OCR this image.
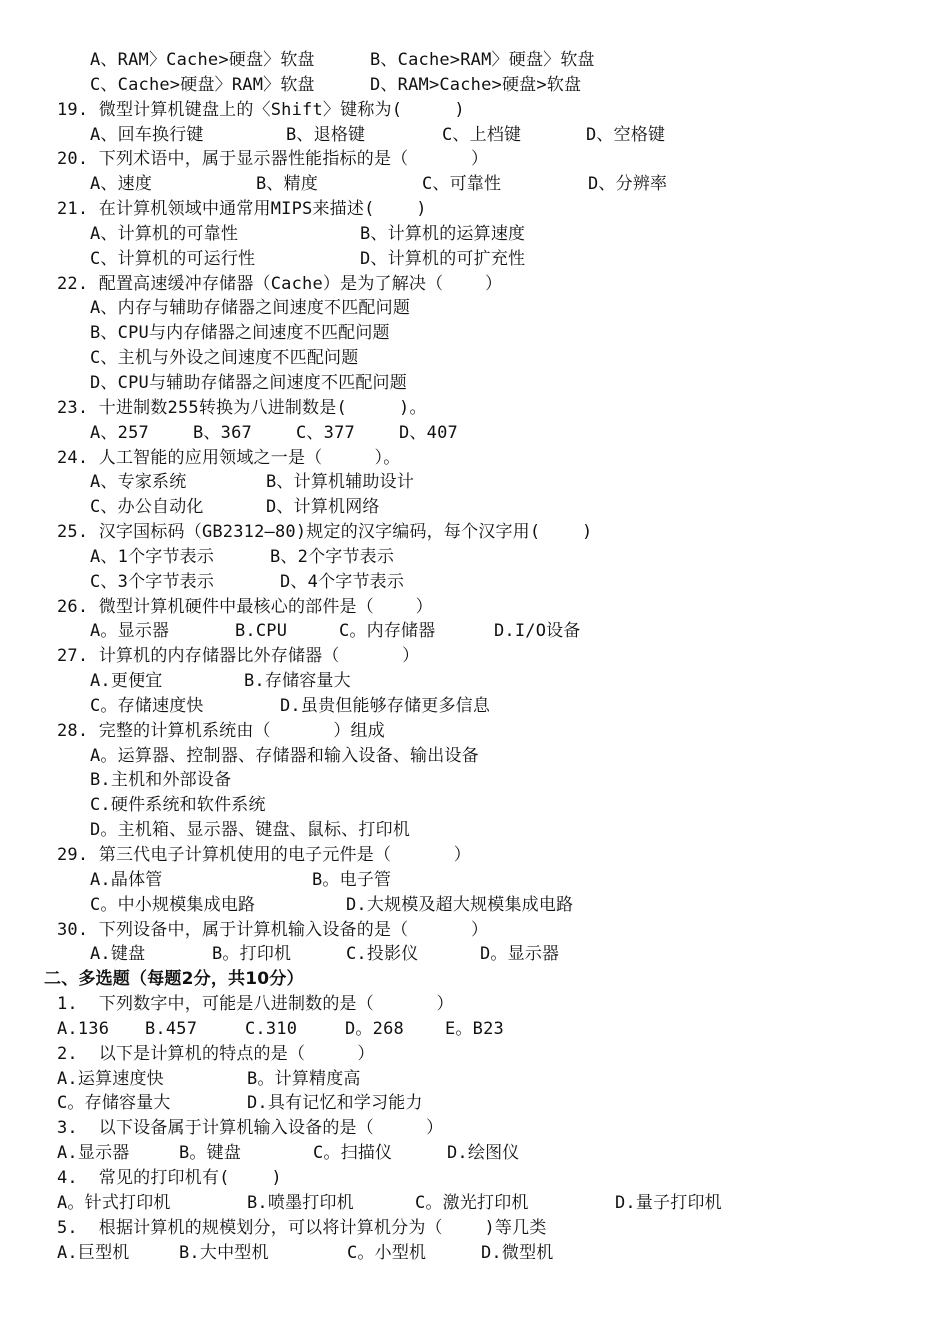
A、RAM〉Cache>硬盘〉软盘	B、Cache>RAM〉硬盘〉软盘
C、Cache>硬盘〉RAM〉软盘	D、RAM>Cache>硬盘>软盘
19. 微型计算机键盘上的〈Shift〉键称为(     )
A、回车换行键	B、退格键	C、上档键	D、空格键
20. 下列术语中，属于显示器性能指标的是（      ）
A、速度	B、精度	C、可靠性	D、分辨率
21. 在计算机领域中通常用MIPS来描述(    )
A、计算机的可靠性	B、计算机的运算速度
C、计算机的可运行性	D、计算机的可扩充性
22. 配置高速缓冲存储器（Cache）是为了解决（    ）
A、内存与辅助存储器之间速度不匹配问题
B、CPU与内存储器之间速度不匹配问题
C、主机与外设之间速度不匹配问题
D、CPU与辅助存储器之间速度不匹配问题
23. 十进制数255转换为八进制数是(     )。
A、257	B、367	C、377	D、407
24. 人工智能的应用领域之一是（     ）。
A、专家系统	B、计算机辅助设计
C、办公自动化	D、计算机网络
25. 汉字国标码（GB2312—80)规定的汉字编码，每个汉字用(    )
A、1个字节表示	B、2个字节表示
C、3个字节表示	D、4个字节表示
26. 微型计算机硬件中最核心的部件是（    ）
A。显示器	B.CPU	C。内存储器	D.I/O设备
27. 计算机的内存储器比外存储器（      ）
A.更便宜	B.存储容量大
C。存储速度快	D.虽贵但能够存储更多信息
28. 完整的计算机系统由（      ）组成
A。运算器、控制器、存储器和输入设备、输出设备
B.主机和外部设备
C.硬件系统和软件系统
D。主机箱、显示器、键盘、鼠标、打印机
29. 第三代电子计算机使用的电子元件是（      ）
A.晶体管	B。电子管
C。中小规模集成电路	D.大规模及超大规模集成电路
30. 下列设备中，属于计算机输入设备的是（      ）
A.键盘	B。打印机	C.投影仪	D。显示器
二、多选题（每题2分，共10分）
1.  下列数字中，可能是八进制数的是（      ）
A.136 B.457	C.310	D。268 E。B23
2.  以下是计算机的特点的是（     ）
A.运算速度快	B。计算精度高
C。存储容量大	D.具有记忆和学习能力
3.  以下设备属于计算机输入设备的是（     ）
A.显示器	B。键盘	C。扫描仪	D.绘图仪
4.  常见的打印机有(    )
A。针式打印机	B.喷墨打印机	C。激光打印机	D.量子打印机
5.  根据计算机的规模划分，可以将计算机分为（    )等几类
A.巨型机	B.大中型机	C。小型机	D.微型机
